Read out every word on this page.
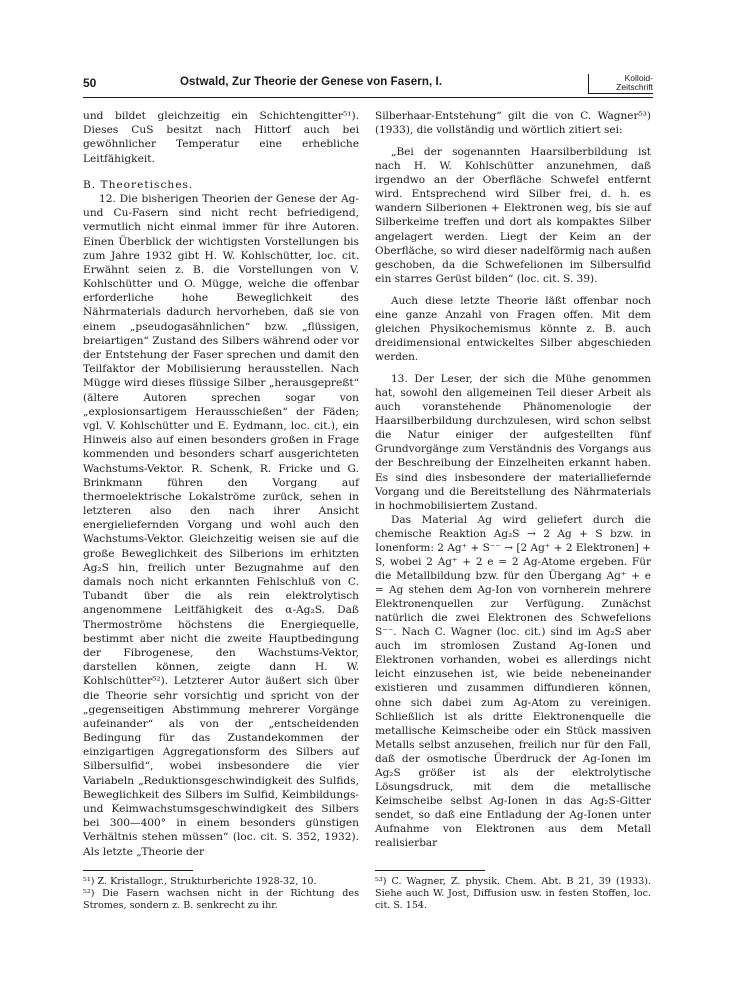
50	Ostwald, Zur Theorie der Genese von Fasern, I.	Kolloid-
Zeitschrift

und bildet gleichzeitig ein Schichtengitter⁵¹). Dieses CuS besitzt nach Hittorf auch bei gewöhnlicher Temperatur eine erhebliche Leitfähigkeit.

B. Theoretisches.

12. Die bisherigen Theorien der Genese der Ag- und Cu-Fasern sind nicht recht befriedigend, vermutlich nicht einmal immer für ihre Autoren. Einen Überblick der wichtigsten Vorstellungen bis zum Jahre 1932 gibt H. W. Kohlschütter, loc. cit. Erwähnt seien z. B. die Vorstellungen von V. Kohlschütter und O. Mügge, welche die offenbar erforderliche hohe Beweglichkeit des Nährmaterials dadurch hervorheben, daß sie von einem „pseudogasähnlichen“ bzw. „flüssigen, breiartigen“ Zustand des Silbers während oder vor der Entstehung der Faser sprechen und damit den Teilfaktor der Mobilisierung herausstellen. Nach Mügge wird dieses flüssige Silber „herausgepreßt“ (ältere Autoren sprechen sogar von „explosionsartigem Herausschießen“ der Fäden; vgl. V. Kohlschütter und E. Eydmann, loc. cit.), ein Hinweis also auf einen besonders großen in Frage kommenden und besonders scharf ausgerichteten Wachstums-Vektor. R. Schenk, R. Fricke und G. Brinkmann führen den Vorgang auf thermoelektrische Lokalströme zurück, sehen in letzteren also den nach ihrer Ansicht energieliefernden Vorgang und wohl auch den Wachstums-Vektor. Gleichzeitig weisen sie auf die große Beweglichkeit des Silberions im erhitzten Ag₂S hin, freilich unter Bezugnahme auf den damals noch nicht erkannten Fehlschluß von C. Tubandt über die als rein elektrolytisch angenommene Leitfähigkeit des α-Ag₂S. Daß Thermoströme höchstens die Energiequelle, bestimmt aber nicht die zweite Hauptbedingung der Fibrogenese, den Wachstums-Vektor, darstellen können, zeigte dann H. W. Kohlschütter⁵²). Letzterer Autor äußert sich über die Theorie sehr vorsichtig und spricht von der „gegenseitigen Abstimmung mehrerer Vorgänge aufeinander“ als von der „entscheidenden Bedingung für das Zustandekommen der einzigartigen Aggregationsform des Silbers auf Silbersulfid“, wobei insbesondere die vier Variabeln „Reduktionsgeschwindigkeit des Sulfids, Beweglichkeit des Silbers im Sulfid, Keimbildungs- und Keimwachstumsgeschwindigkeit des Silbers bei 300—400° in einem besonders günstigen Verhältnis stehen müssen“ (loc. cit. S. 352, 1932). Als letzte „Theorie der

Silberhaar-Entstehung“ gilt die von C. Wagner⁵³) (1933), die vollständig und wörtlich zitiert sei:

„Bei der sogenannten Haarsilberbildung ist nach H. W. Kohlschütter anzunehmen, daß irgendwo an der Oberfläche Schwefel entfernt wird. Entsprechend wird Silber frei, d. h. es wandern Silberionen + Elektronen weg, bis sie auf Silberkeime treffen und dort als kompaktes Silber angelagert werden. Liegt der Keim an der Oberfläche, so wird dieser nadelförmig nach außen geschoben, da die Schwefelionen im Silbersulfid ein starres Gerüst bilden“ (loc. cit. S. 39).

Auch diese letzte Theorie läßt offenbar noch eine ganze Anzahl von Fragen offen. Mit dem gleichen Physikochemismus könnte z. B. auch dreidimensional entwickeltes Silber abgeschieden werden.

13. Der Leser, der sich die Mühe genommen hat, sowohl den allgemeinen Teil dieser Arbeit als auch voranstehende Phänomenologie der Haarsilberbildung durchzulesen, wird schon selbst die Natur einiger der aufgestellten fünf Grundvorgänge zum Verständnis des Vorgangs aus der Beschreibung der Einzelheiten erkannt haben. Es sind dies insbesondere der materialliefernde Vorgang und die Bereitstellung des Nährmaterials in hochmobilisiertem Zustand.

Das Material Ag wird geliefert durch die chemische Reaktion Ag₂S → 2 Ag + S bzw. in Ionenform: 2 Ag⁺ + S⁻⁻ → [2 Ag⁺ + 2 Elektronen] + S, wobei 2 Ag⁺ + 2 e = 2 Ag-Atome ergeben. Für die Metallbildung bzw. für den Übergang Ag⁺ + e = Ag stehen dem Ag-Ion von vornherein mehrere Elektronenquellen zur Verfügung. Zunächst natürlich die zwei Elektronen des Schwefelions S⁻⁻. Nach C. Wagner (loc. cit.) sind im Ag₂S aber auch im stromlosen Zustand Ag-Ionen und Elektronen vorhanden, wobei es allerdings nicht leicht einzusehen ist, wie beide nebeneinander existieren und zusammen diffundieren können, ohne sich dabei zum Ag-Atom zu vereinigen. Schließlich ist als dritte Elektronenquelle die metallische Keimscheibe oder ein Stück massiven Metalls selbst anzusehen, freilich nur für den Fall, daß der osmotische Überdruck der Ag-Ionen im Ag₂S größer ist als der elektrolytische Lösungsdruck, mit dem die metallische Keimscheibe selbst Ag-Ionen in das Ag₂S-Gitter sendet, so daß eine Entladung der Ag-Ionen unter Aufnahme von Elektronen aus dem Metall realisierbar

⁵¹) Z. Kristallogr., Strukturberichte 1928-32, 10.

⁵²) Die Fasern wachsen nicht in der Richtung des Stromes, sondern z. B. senkrecht zu ihr.

⁵³) C. Wagner, Z. physik. Chem. Abt. B 21, 39 (1933). Siehe auch W. Jost, Diffusion usw. in festen Stoffen, loc. cit. S. 154.
